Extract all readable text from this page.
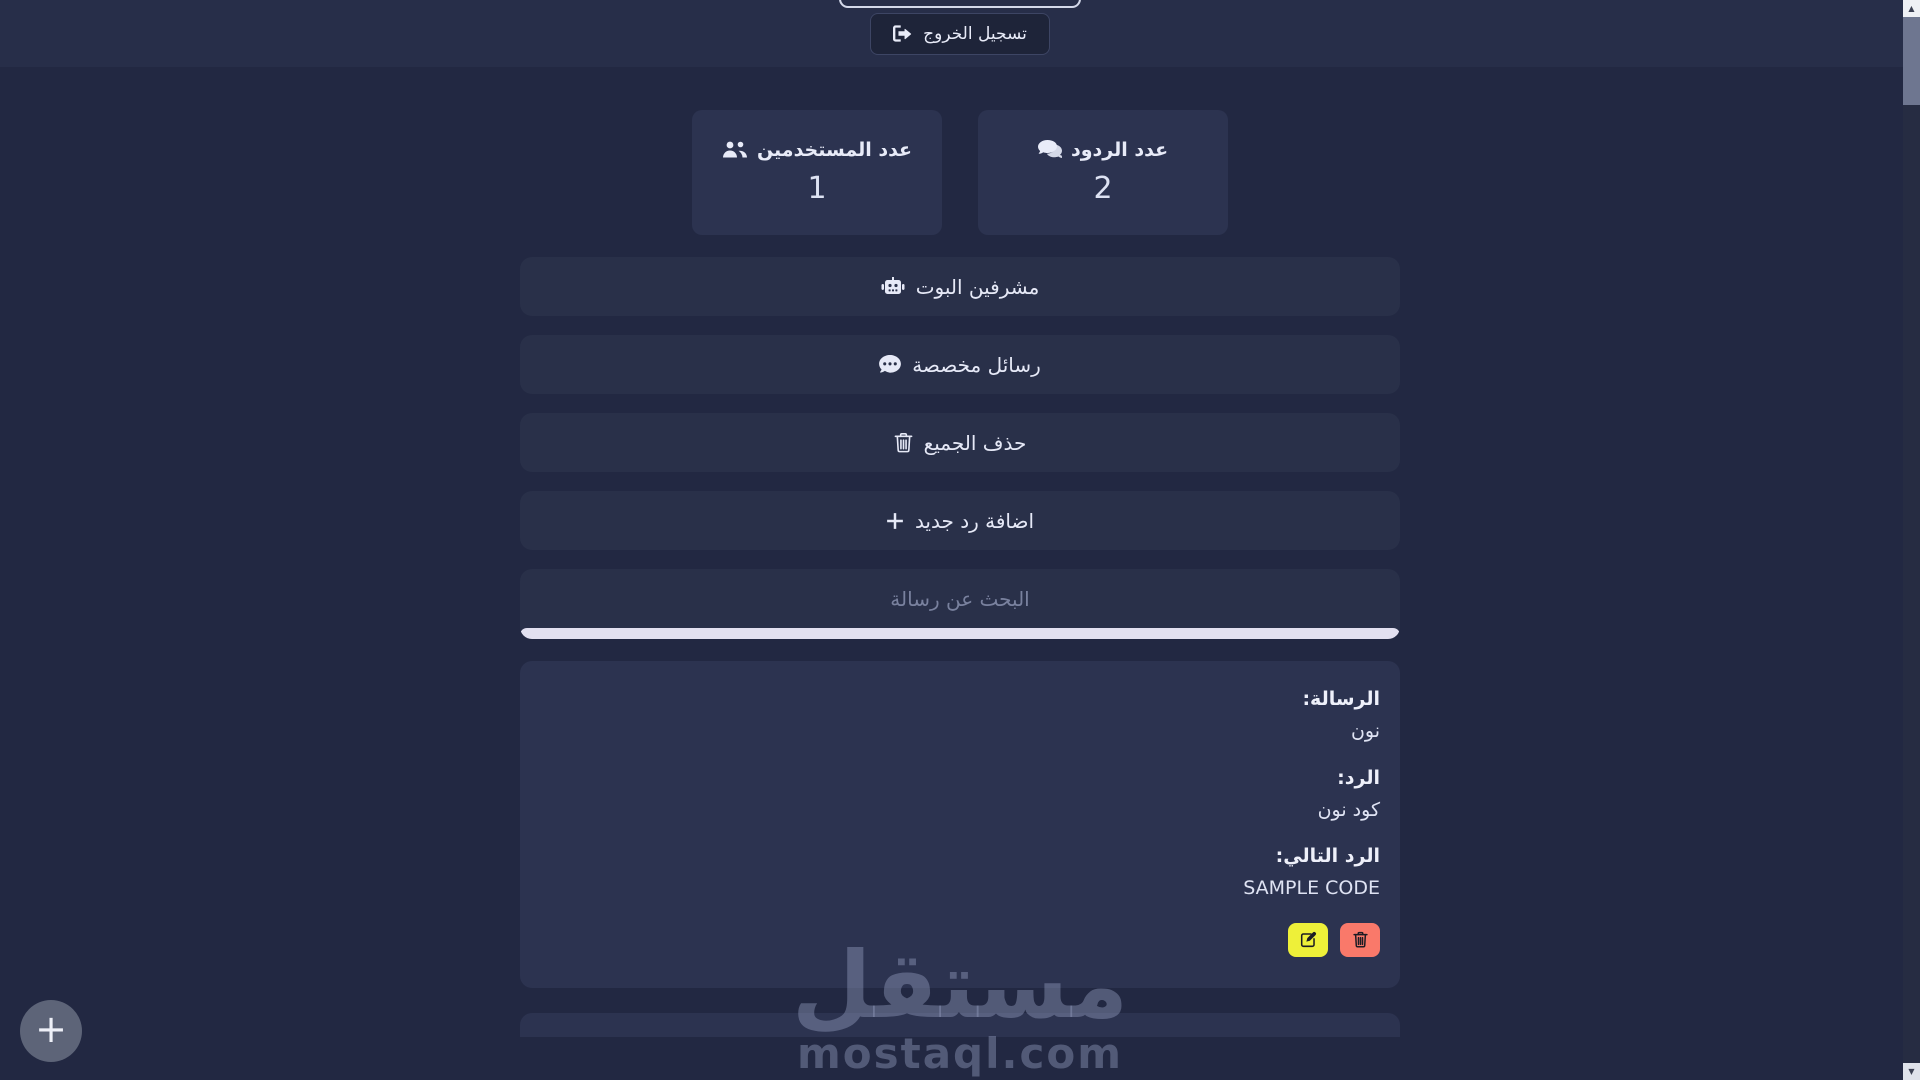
تسجيل الخروج
عدد الردود
2
عدد المستخدمين
1
مشرفين البوت
رسائل مخصصة
حذف الجميع
اضافة رد جديد
البحث عن رسالة
الرسالة:
نون
الرد:
كود نون
الرد التالي:
SAMPLE CODE
+	مستقل
mostaql.com
▲
▼
